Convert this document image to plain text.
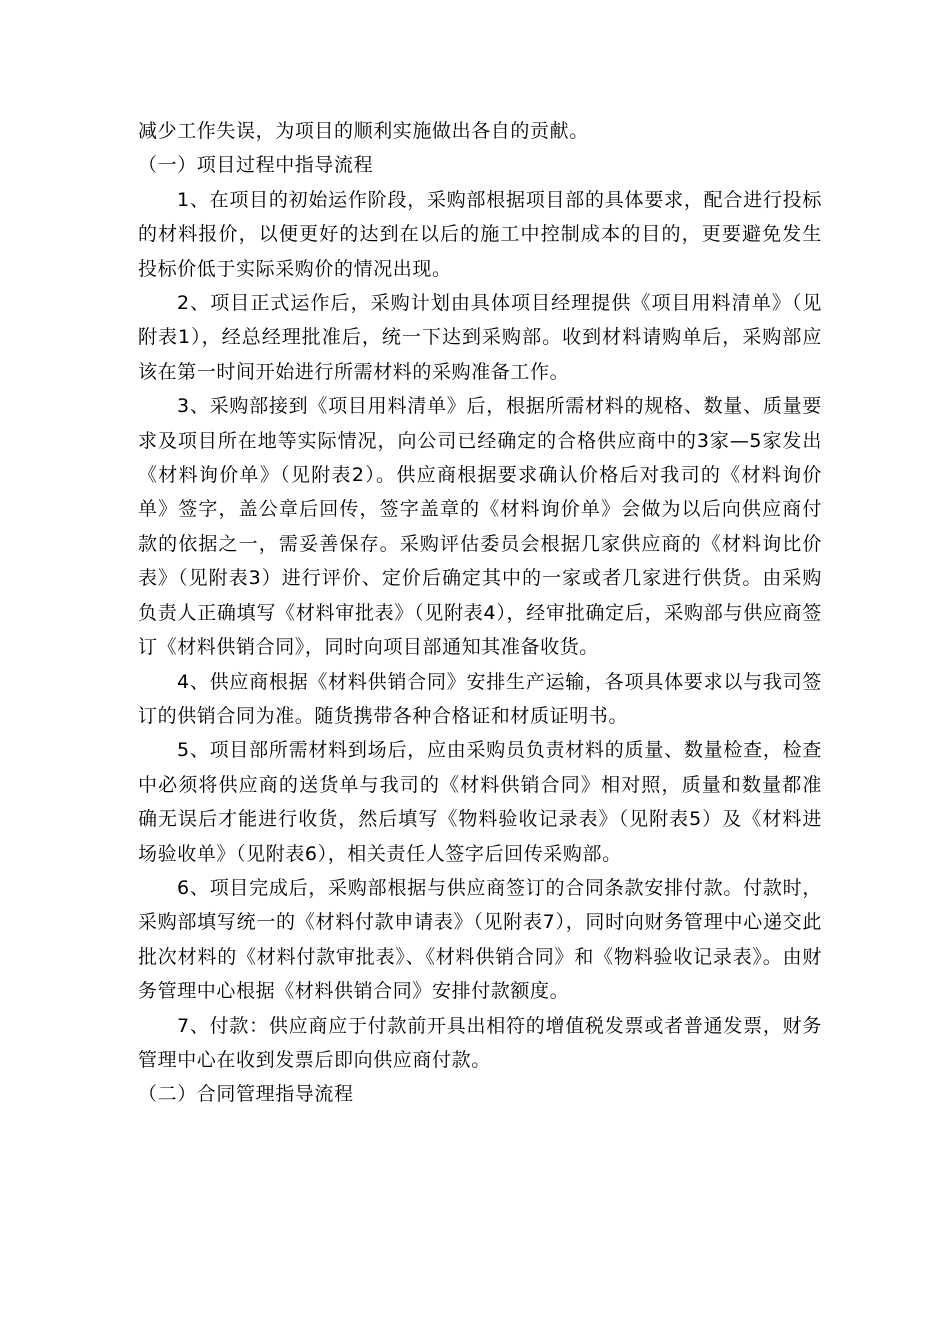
减少工作失误，为项目的顺利实施做出各自的贡献。

（一）项目过程中指导流程

1、在项目的初始运作阶段，采购部根据项目部的具体要求，配合进行投标的材料报价，以便更好的达到在以后的施工中控制成本的目的，更要避免发生投标价低于实际采购价的情况出现。

2、项目正式运作后，采购计划由具体项目经理提供《项目用料清单》（见附表1），经总经理批准后，统一下达到采购部。收到材料请购单后，采购部应该在第一时间开始进行所需材料的采购准备工作。

3、采购部接到《项目用料清单》后，根据所需材料的规格、数量、质量要求及项目所在地等实际情况，向公司已经确定的合格供应商中的3家—5家发出《材料询价单》（见附表2）。供应商根据要求确认价格后对我司的《材料询价单》签字，盖公章后回传，签字盖章的《材料询价单》会做为以后向供应商付款的依据之一，需妥善保存。采购评估委员会根据几家供应商的《材料询比价表》（见附表3）进行评价、定价后确定其中的一家或者几家进行供货。由采购负责人正确填写《材料审批表》（见附表4），经审批确定后，采购部与供应商签订《材料供销合同》，同时向项目部通知其准备收货。

4、供应商根据《材料供销合同》安排生产运输，各项具体要求以与我司签订的供销合同为准。随货携带各种合格证和材质证明书。

5、项目部所需材料到场后，应由采购员负责材料的质量、数量检查，检查中必须将供应商的送货单与我司的《材料供销合同》相对照，质量和数量都准确无误后才能进行收货，然后填写《物料验收记录表》（见附表5）及《材料进场验收单》（见附表6），相关责任人签字后回传采购部。

6、项目完成后，采购部根据与供应商签订的合同条款安排付款。付款时，采购部填写统一的《材料付款申请表》（见附表7），同时向财务管理中心递交此批次材料的《材料付款审批表》、《材料供销合同》和《物料验收记录表》。由财务管理中心根据《材料供销合同》安排付款额度。

7、付款：供应商应于付款前开具出相符的增值税发票或者普通发票，财务管理中心在收到发票后即向供应商付款。

（二）合同管理指导流程
